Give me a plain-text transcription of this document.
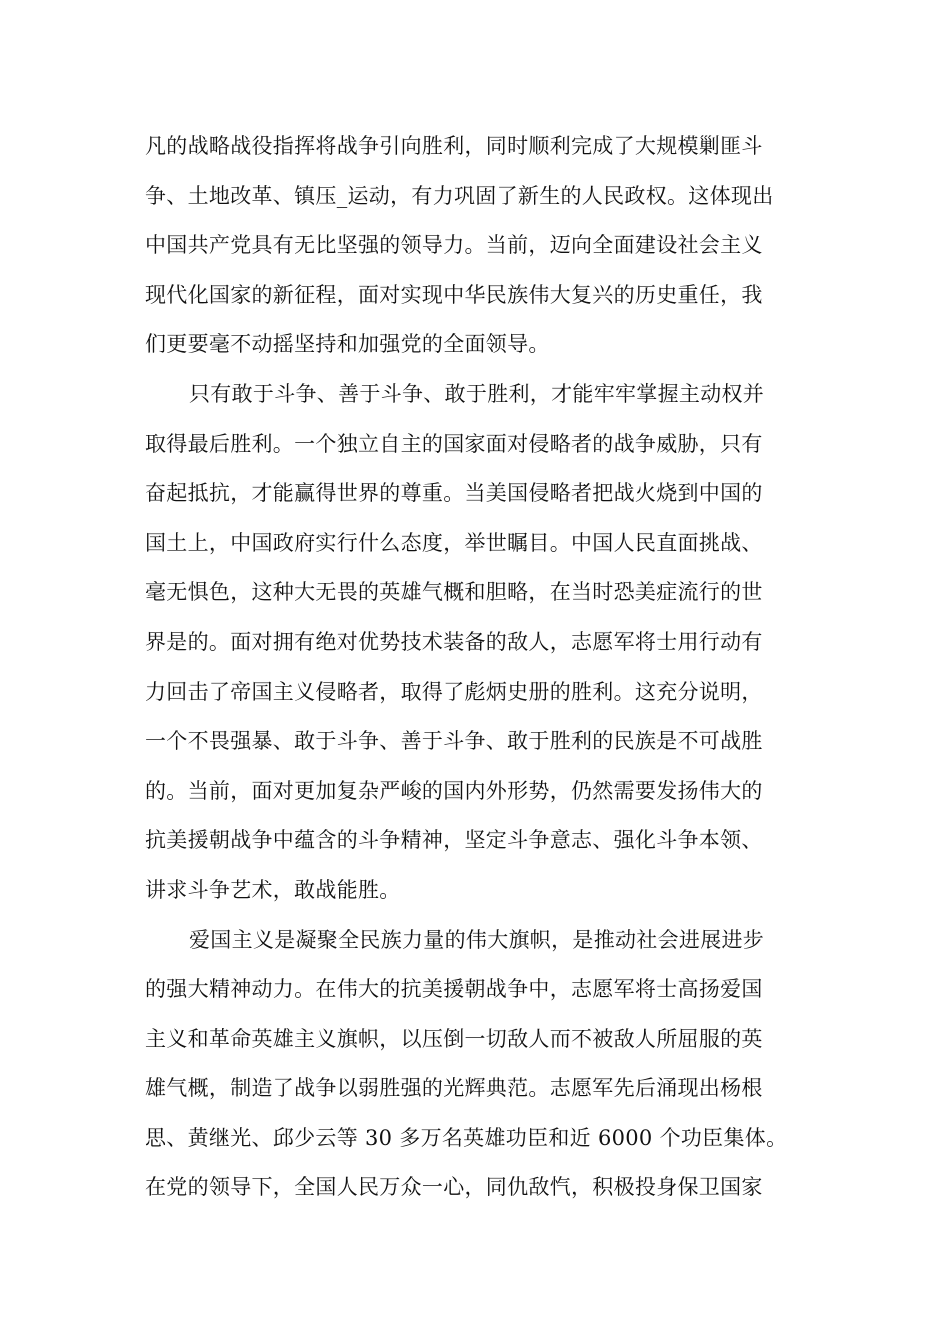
凡的战略战役指挥将战争引向胜利，同时顺利完成了大规模剿匪斗
争、土地改革、镇压_运动，有力巩固了新生的人民政权。这体现出
中国共产党具有无比坚强的领导力。当前，迈向全面建设社会主义
现代化国家的新征程，面对实现中华民族伟大复兴的历史重任，我
们更要毫不动摇坚持和加强党的全面领导。
只有敢于斗争、善于斗争、敢于胜利，才能牢牢掌握主动权并
取得最后胜利。一个独立自主的国家面对侵略者的战争威胁，只有
奋起抵抗，才能赢得世界的尊重。当美国侵略者把战火烧到中国的
国土上，中国政府实行什么态度，举世瞩目。中国人民直面挑战、
毫无惧色，这种大无畏的英雄气概和胆略，在当时恐美症流行的世
界是的。面对拥有绝对优势技术装备的敌人，志愿军将士用行动有
力回击了帝国主义侵略者，取得了彪炳史册的胜利。这充分说明，
一个不畏强暴、敢于斗争、善于斗争、敢于胜利的民族是不可战胜
的。当前，面对更加复杂严峻的国内外形势，仍然需要发扬伟大的
抗美援朝战争中蕴含的斗争精神，坚定斗争意志、强化斗争本领、
讲求斗争艺术，敢战能胜。
爱国主义是凝聚全民族力量的伟大旗帜，是推动社会进展进步
的强大精神动力。在伟大的抗美援朝战争中，志愿军将士高扬爱国
主义和革命英雄主义旗帜，以压倒一切敌人而不被敌人所屈服的英
雄气概，制造了战争以弱胜强的光辉典范。志愿军先后涌现出杨根
思、黄继光、邱少云等 30 多万名英雄功臣和近 6000 个功臣集体。
在党的领导下，全国人民万众一心，同仇敌忾，积极投身保卫国家
